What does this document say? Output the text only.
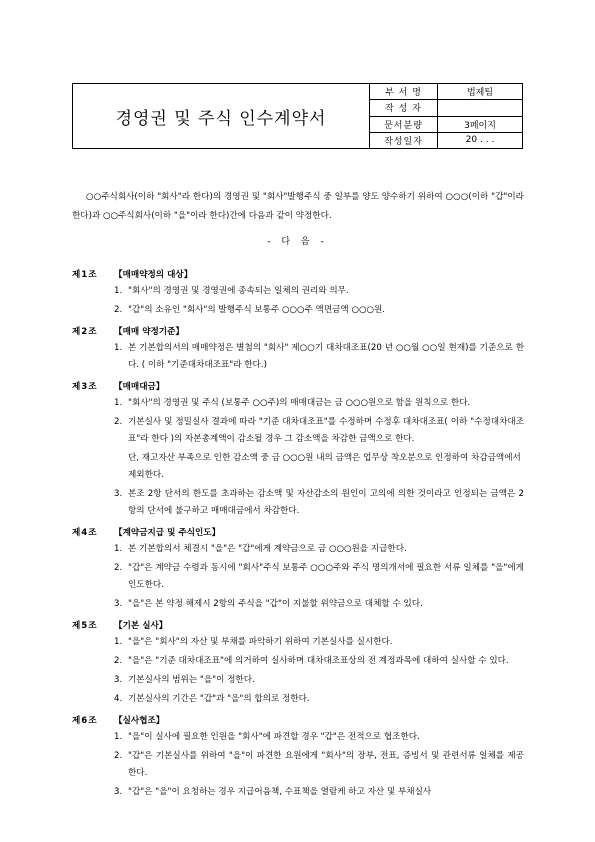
경영권 및 주식 인수계약서
부 서 명	법제팀
작 성 자
문서분량	3페이지
작성일자	20 . . .

○○주식회사(이하 "회사"라 한다)의 경영권 및 "회사"발행주식 중 일부를 양도 양수하기 위하여 ○○○(이하 "갑"이라 한다)과 ○○주식회사(이하 "을"이라 한다)간에 다음과 같이 약정한다.

- 다 음 -
제1조	【매매약정의 대상】
1. "회사"의 경영권 및 경영권에 종속되는 일체의 권리와 의무.
2. "갑"의 소유인 "회사"의 발행주식 보통주 ○○○주 액면금액 ○○○원.
제2조	【매매 약정기준】
1. 본 기본합의서의 매매약정은 별첨의 "회사" 제○○기 대차대조표(20 년 ○○월 ○○일 현재)를 기준으로 한다. ( 이하 "기준대차대조표"라 한다.)
제3조	【매매대금】
1. "회사"의 경영권 및 주식 (보통주 ○○주)의 매매대금는 금 ○○○원으로 함을 원칙으로 한다.
2. 기본실사 및 정밀실사 결과에 따라 "기준 대차대조표"를 수정하며 수정후 대차대조표( 이하 "수정대차대조표"라 한다 )의 자본총계액이 감소될 경우 그 감소액을 차감한 금액으로 한다.
단, 재고자산 부족으로 인한 감소액 중 금 ○○○원 내의 금액은 업무상 착오분으로 인정하여 차감금액에서 제외한다.
3. 본조 2항 단서의 한도를 초과하는 감소액 및 자산감소의 원인이 고의에 의한 것이라고 인정되는 금액은 2항의 단서에 불구하고 매매대금에서 차감한다.
제4조	【계약금지급 및 주식인도】
1. 본 기본합의서 체결시 "을"은 "갑"에게 계약금으로 금 ○○○원을 지급한다.
2. "갑"은 계약금 수령과 동시에 "회사"주식 보통주 ○○○주와 주식 명의개서에 필요한 서류 일체를 "을"에게 인도한다.
3. "을"은 본 약정 해제시 2항의 주식을 "갑"이 지불할 위약금으로 대체할 수 있다.
제5조	【기본 실사】
1. "을"은 "회사"의 자산 및 부채를 파악하기 위하여 기본실사를 실시한다.
2. "을"은 "기준 대차대조표"에 의거하여 실사하며 대차대조표상의 전 계정과목에 대하여 실사할 수 있다.
3. 기본실사의 범위는 "을"이 정한다.
4. 기본실사의 기간은 "갑"과 "을"의 합의로 정한다.
제6조	【실사협조】
1. "을"이 실사에 필요한 인원을 "회사"에 파견할 경우 "갑"은 전적으로 협조한다.
2. "갑"은 기본실사를 위하여 "을"이 파견한 요원에게 "회사"의 장부, 전표, 증빙서 및 관련서류 일체를 제공한다.
3. "갑"은 "을"이 요청하는 경우 지급어음책, 수표책을 열람케 하고 자산 및 부채실사
